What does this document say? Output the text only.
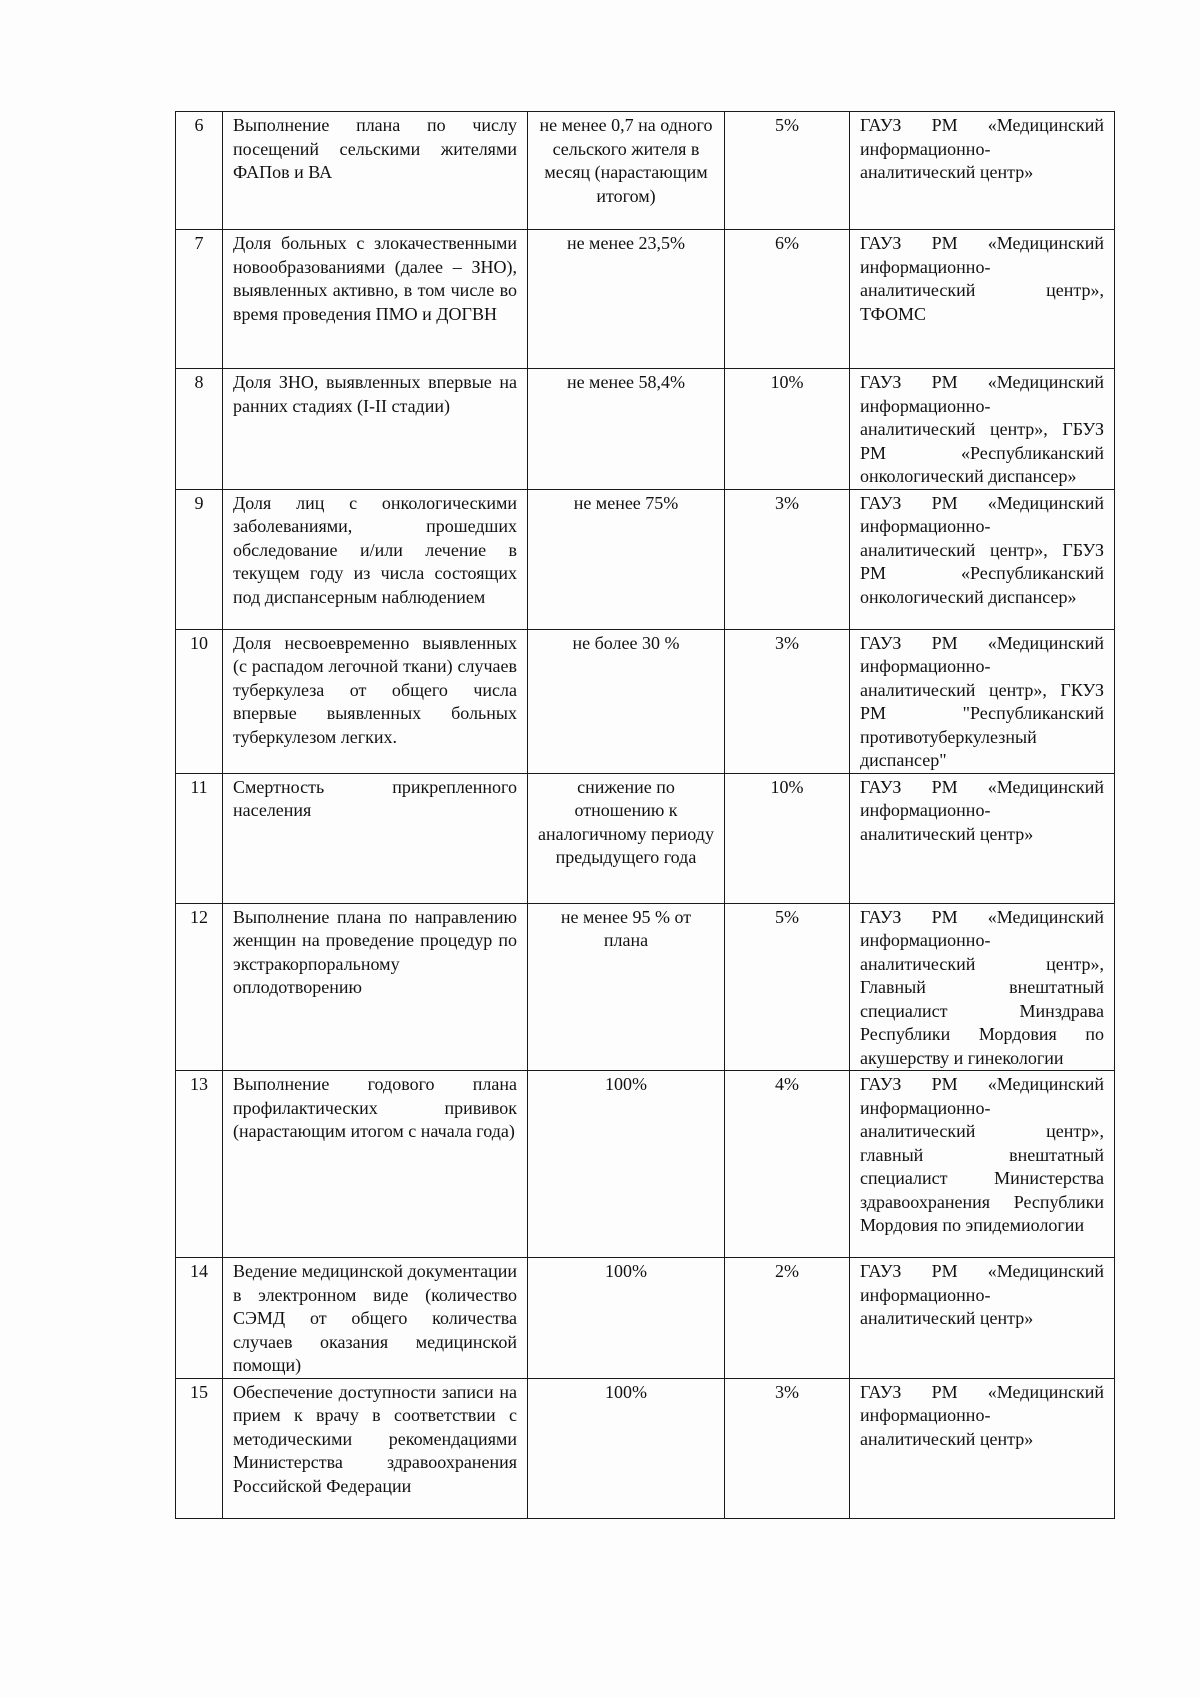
6	Выполнение плана по числу посещений сельскими жителями ФАПов и ВА	не менее 0,7 на одного сельского жителя в месяц (нарастающим итогом)	5%	ГАУЗ РМ «Медицинский информационно-аналитический центр»
7	Доля больных с злокачественными новообразованиями (далее – ЗНО), выявленных активно, в том числе во время проведения ПМО и ДОГВН	не менее 23,5%	6%	ГАУЗ РМ «Медицинский информационно-аналитический центр», ТФОМС
8	Доля ЗНО, выявленных впервые на ранних стадиях (I-II стадии)	не менее 58,4%	10%	ГАУЗ РМ «Медицинский информационно-аналитический центр», ГБУЗ РМ «Республиканский онкологический диспансер»
9	Доля лиц с онкологическими заболеваниями, прошедших обследование и/или лечение в текущем году из числа состоящих под диспансерным наблюдением	не менее 75%	3%	ГАУЗ РМ «Медицинский информационно-аналитический центр», ГБУЗ РМ «Республиканский онкологический диспансер»
10	Доля несвоевременно выявленных (с распадом легочной ткани) случаев туберкулеза от общего числа впервые выявленных больных туберкулезом легких.	не более 30 %	3%	ГАУЗ РМ «Медицинский информационно-аналитический центр», ГКУЗ РМ "Республиканский противотуберкулезный диспансер"
11	Смертность прикрепленного населения	снижение по отношению к аналогичному периоду предыдущего года	10%	ГАУЗ РМ «Медицинский информационно-аналитический центр»
12	Выполнение плана по направлению женщин на проведение процедур по экстракорпоральному оплодотворению	не менее 95 % от плана	5%	ГАУЗ РМ «Медицинский информационно-аналитический центр», Главный внештатный специалист Минздрава Республики Мордовия по акушерству и гинекологии
13	Выполнение годового плана профилактических прививок (нарастающим итогом с начала года)	100%	4%	ГАУЗ РМ «Медицинский информационно-аналитический центр», главный внештатный специалист Министерства здравоохранения Республики Мордовия по эпидемиологии
14	Ведение медицинской документации в электронном виде (количество СЭМД от общего количества случаев оказания медицинской помощи)	100%	2%	ГАУЗ РМ «Медицинский информационно-аналитический центр»
15	Обеспечение доступности записи на прием к врачу в соответствии с методическими рекомендациями Министерства здравоохранения Российской Федерации	100%	3%	ГАУЗ РМ «Медицинский информационно-аналитический центр»
